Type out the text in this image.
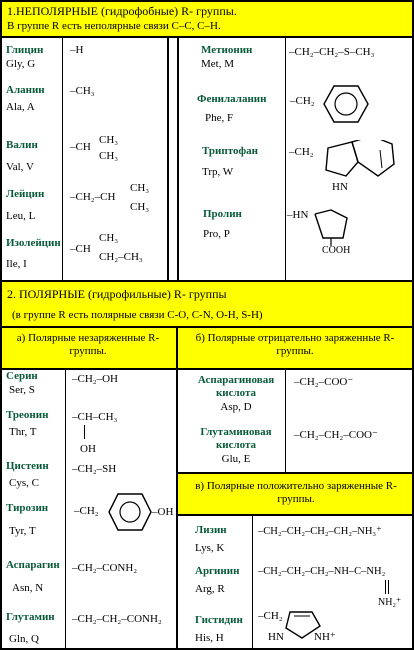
1.НЕПОЛЯРНЫЕ (гидрофобные) R- группы.
В группе R есть неполярные связи C–C, C–H.
Глицин
Gly, G
–H
Аланин
Ala, A
–CH₃
Валин
Val, V
–CH
CH₃
CH₃
Лейцин
Leu, L
–CH₂–CH
CH₃
CH₃
Изолейцин
Ile, I
–CH
CH₃
CH₂–CH₃
Метионин
Met, M
–CH₂–CH₂–S–CH₃
Фенилаланин
Phe, F
–CH₂
Триптофан
Trp, W
–CH₂
HN
Пролин
Pro, P
–HN
COOH
2. ПОЛЯРНЫЕ (гидрофильные) R- группы
(в группе R есть полярные связи C-O, C-N, O-H, S-H)
а) Полярные незаряженные R-группы.
б) Полярные отрицательно заряженные R-группы.
Серин
Ser, S
–CH₂–OH
Треонин
Thr, T
–CH–CH₃
OH
Цистеин
Cys, C
–CH₂–SH
Тирозин
Tyr, T
–CH₂	–OH
Аспарагин
Asn, N
–CH₂–CONH₂
Глутамин
Gln, Q
–CH₂–CH₂–CONH₂
Аспарагиновая кислота
Asp, D
–CH₂–COO⁻
Глутаминовая кислота
Glu, E
–CH₂–CH₂–COO⁻
в) Полярные положительно заряженные R-группы.
Лизин
Lys, K
–CH₂–CH₂–CH₂–CH₂–NH₃⁺
Аргинин
Arg, R
–CH₂–CH₂–CH₂–NH–C–NH₂
NH₂⁺
Гистидин
His, H
–CH₂
HN	NH⁺
